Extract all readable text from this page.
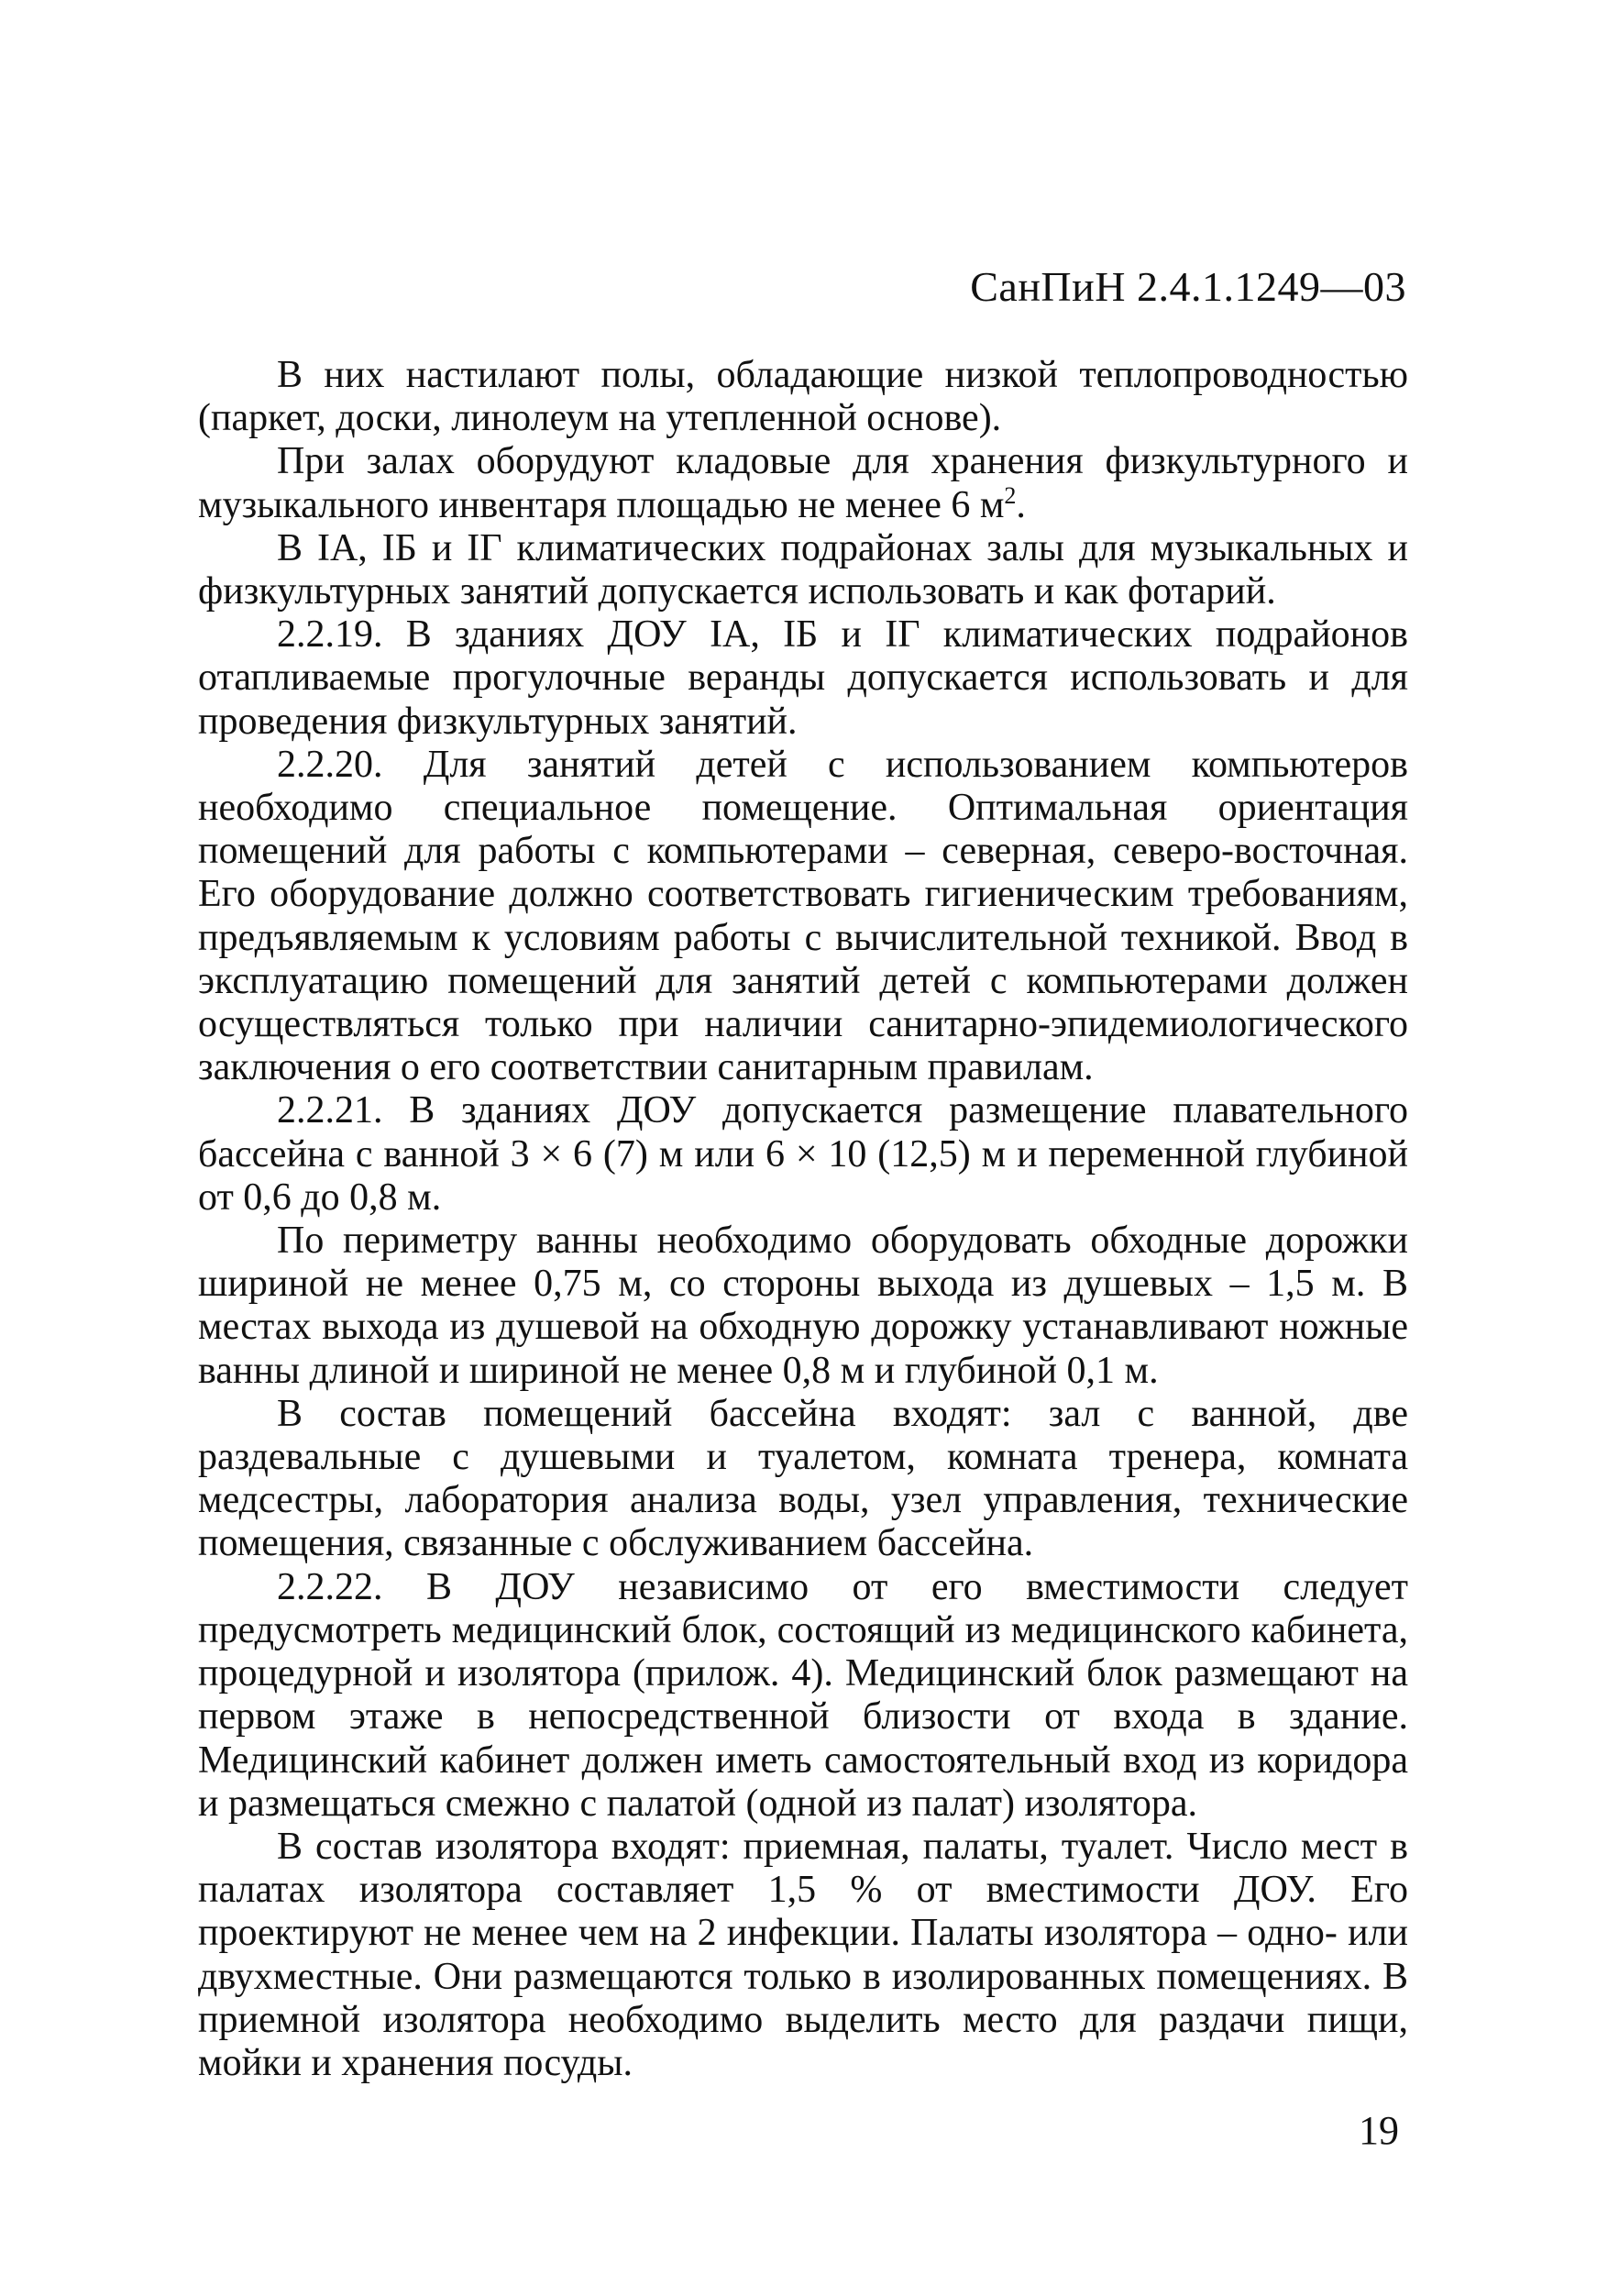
СанПиН 2.4.1.1249—03

В них настилают полы, обладающие низкой теплопроводностью (паркет, доски, линолеум на утепленной основе).

При залах оборудуют кладовые для хранения физкультурного и музыкального инвентаря площадью не менее 6 $м^2$.

В IА, IБ и IГ климатических подрайонах залы для музыкальных и физкультурных занятий допускается использовать и как фотарий.

2.2.19. В зданиях ДОУ IА, IБ и IГ климатических подрайонов отапливаемые прогулочные веранды допускается использовать и для проведения физкультурных занятий.

2.2.20. Для занятий детей с использованием компьютеров необходимо специальное помещение. Оптимальная ориентация помещений для работы с компьютерами – северная, северо-восточная. Его оборудование должно соответствовать гигиеническим требованиям, предъявляемым к условиям работы с вычислительной техникой. Ввод в эксплуатацию помещений для занятий детей с компьютерами должен осуществляться только при наличии санитарно-эпидемиологического заключения о его соответствии санитарным правилам.

2.2.21. В зданиях ДОУ допускается размещение плавательного бассейна с ванной 3 × 6 (7) м или 6 × 10 (12,5) м и переменной глубиной от 0,6 до 0,8 м.

По периметру ванны необходимо оборудовать обходные дорожки шириной не менее 0,75 м, со стороны выхода из душевых – 1,5 м. В местах выхода из душевой на обходную дорожку устанавливают ножные ванны длиной и шириной не менее 0,8 м и глубиной 0,1 м.

В состав помещений бассейна входят: зал с ванной, две раздевальные с душевыми и туалетом, комната тренера, комната медсестры, лаборатория анализа воды, узел управления, технические помещения, связанные с обслуживанием бассейна.

2.2.22. В ДОУ независимо от его вместимости следует предусмотреть медицинский блок, состоящий из медицинского кабинета, процедурной и изолятора (прилож. 4). Медицинский блок размещают на первом этаже в непосредственной близости от входа в здание. Медицинский кабинет должен иметь самостоятельный вход из коридора и размещаться смежно с палатой (одной из палат) изолятора.

В состав изолятора входят: приемная, палаты, туалет. Число мест в палатах изолятора составляет 1,5 % от вместимости ДОУ. Его проектируют не менее чем на 2 инфекции. Палаты изолятора – одно- или двухместные. Они размещаются только в изолированных помещениях. В приемной изолятора необходимо выделить место для раздачи пищи, мойки и хранения посуды.

19
